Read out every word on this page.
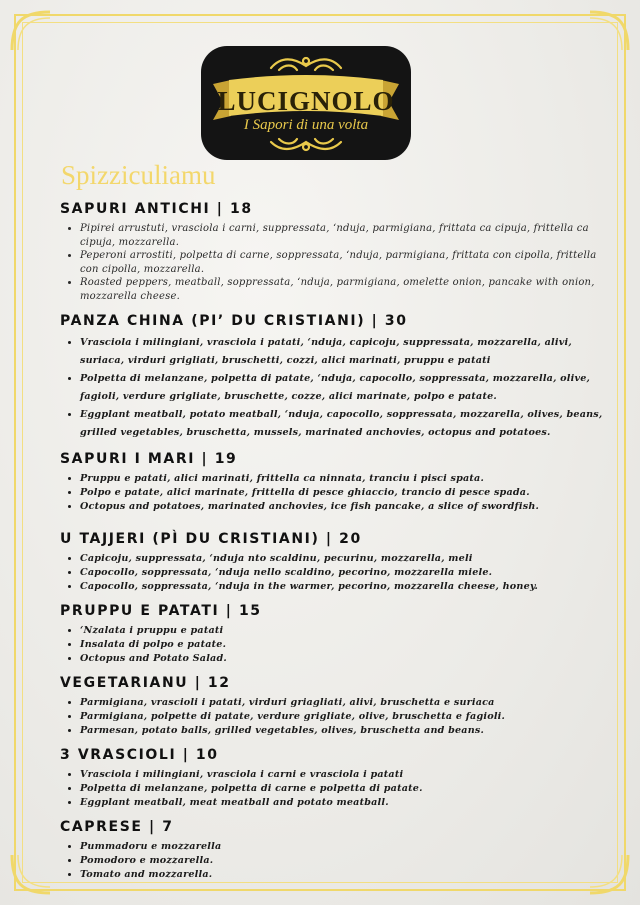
LUCIGNOLO
I Sapori di una volta
Spizziculiamu
SAPURI ANTICHI | 18
• Pipirei arrustuti, vrasciola i carni, suppressata, ‘nduja, parmigiana, frittata ca cipuja, frittella ca cipuja, mozzarella.
• Peperoni arrostiti, polpetta di carne, soppressata, ‘nduja, parmigiana, frittata con cipolla, frittella con cipolla, mozzarella.
• Roasted peppers, meatball, soppressata, ‘nduja, parmigiana, omelette onion, pancake with onion, mozzarella cheese.
PANZA CHINA (PI’ DU CRISTIANI) | 30
• Vrasciola i milingiani, vrasciola i patati, ‘nduja, capicoju, suppressata, mozzarella, alivi, suriaca, virduri grigliati, bruschetti, cozzi, alici marinati, pruppu e patati
• Polpetta di melanzane, polpetta di patate, ‘nduja, capocollo, soppressata, mozzarella, olive, fagioli, verdure grigliate, bruschette, cozze, alici marinate, polpo e patate.
• Eggplant meatball, potato meatball, ‘nduja, capocollo, soppressata, mozzarella, olives, beans, grilled vegetables, bruschetta, mussels, marinated anchovies, octopus and potatoes.
SAPURI I MARI | 19
• Pruppu e patati, alici marinati, frittella ca ninnata, tranciu i pisci spata.
• Polpo e patate, alici marinate, frittella di pesce ghiaccio, trancio di pesce spada.
• Octopus and potatoes, marinated anchovies, ice fish pancake, a slice of swordfish.
U TAJJERI (PÌ DU CRISTIANI) | 20
• Capicoju, suppressata, ‘nduja nto scaldinu, pecurinu, mozzarella, meli
• Capocollo, soppressata, ‘nduja nello scaldino, pecorino, mozzarella miele.
• Capocollo, soppressata, ‘nduja in the warmer, pecorino, mozzarella cheese, honey.
PRUPPU E PATATI | 15
• ‘Nzalata i pruppu e patati
• Insalata di polpo e patate.
• Octopus and Potato Salad.
VEGETARIANU | 12
• Parmigiana, vrascioli i patati, virduri griagliati, alivi, bruschetta e suriaca
• Parmigiana, polpette di patate, verdure grigliate, olive, bruschetta e fagioli.
• Parmesan, potato balls, grilled vegetables, olives, bruschetta and beans.
3 VRASCIOLI | 10
• Vrasciola i milingiani, vrasciola i carni e vrasciola i patati
• Polpetta di melanzane, polpetta di carne e polpetta di patate.
• Eggplant meatball, meat meatball and potato meatball.
CAPRESE | 7
• Pummadoru e mozzarella
• Pomodoro e mozzarella.
• Tomato and mozzarella.
